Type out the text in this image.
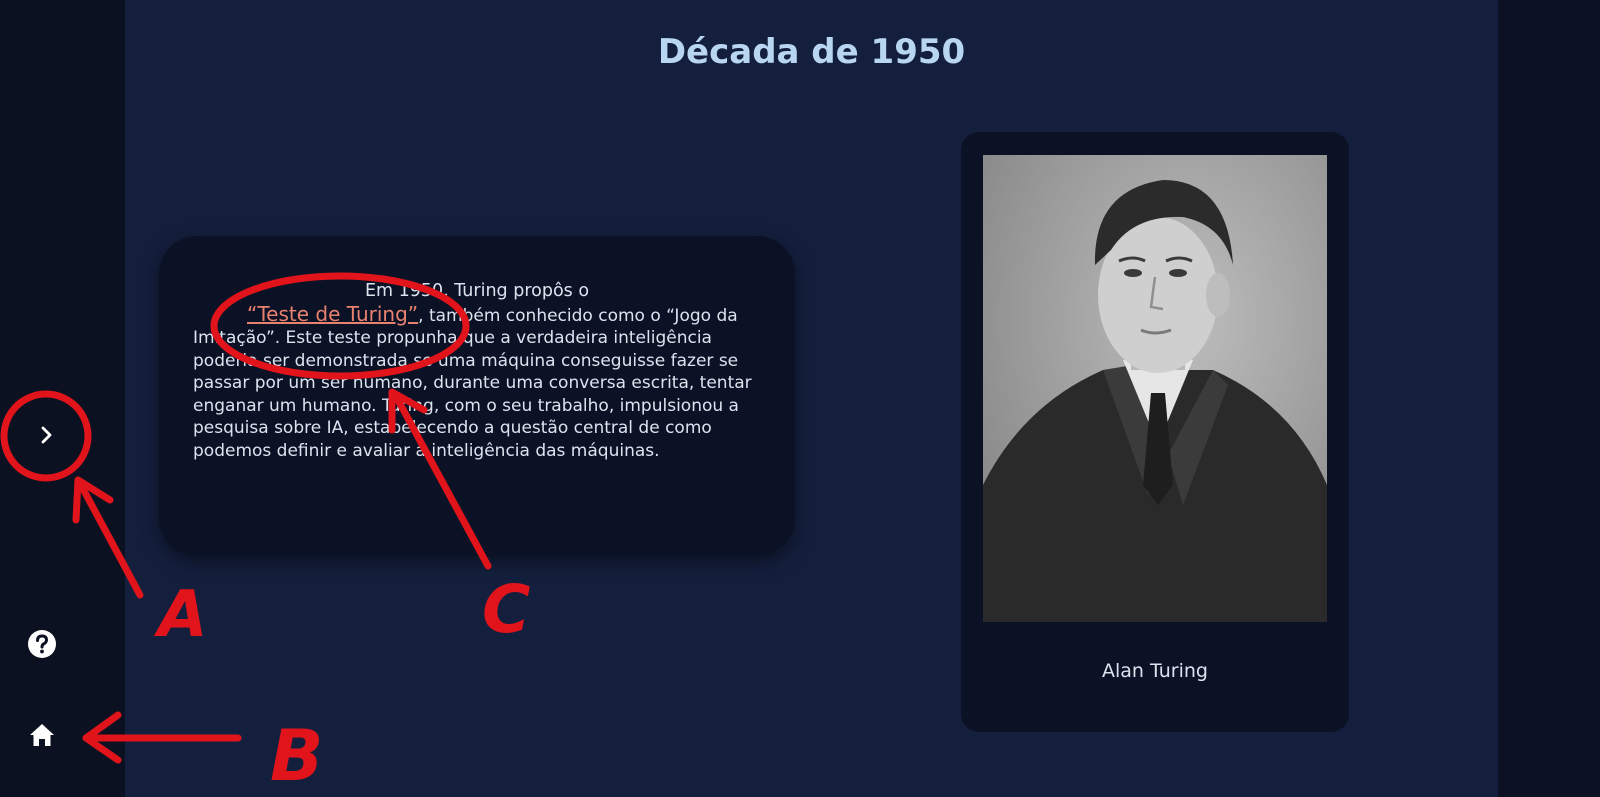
Década de 1950

Em 1950, Turing propôs o
“Teste de Turing”, também conhecido como o “Jogo da Imitação”. Este teste propunha que a verdadeira inteligência poderia ser demonstrada se uma máquina conseguisse fazer se passar por um ser humano, durante uma conversa escrita, tentar enganar um humano. Turing, com o seu trabalho, impulsionou a pesquisa sobre IA, estabelecendo a questão central de como podemos definir e avaliar a inteligência das máquinas.

Alan Turing
A
B
C
